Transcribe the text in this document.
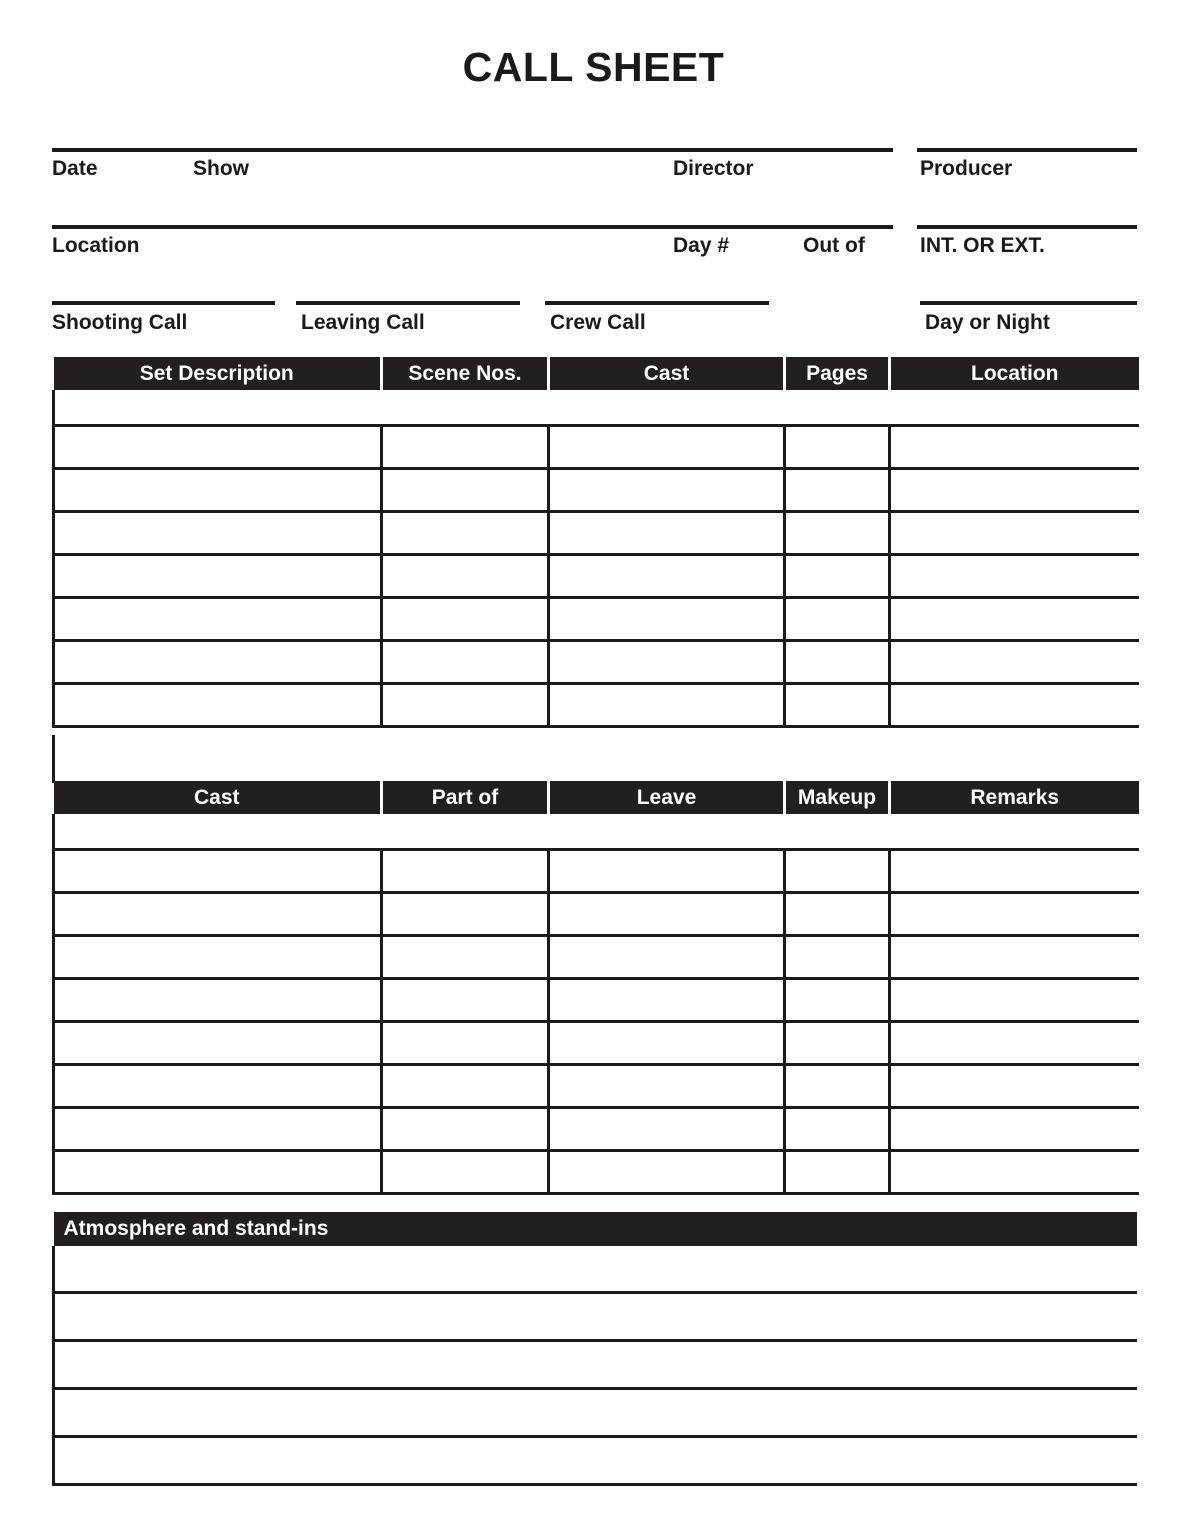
CALL SHEET
Date	Show	Director	Producer
Location	Day #	Out of	INT. OR EXT.
Shooting Call	Leaving Call	Crew Call	Day or Night
Set Description	Scene Nos.	Cast	Pages	Location

Cast	Part of	Leave	Makeup	Remarks

Atmosphere and stand-ins
